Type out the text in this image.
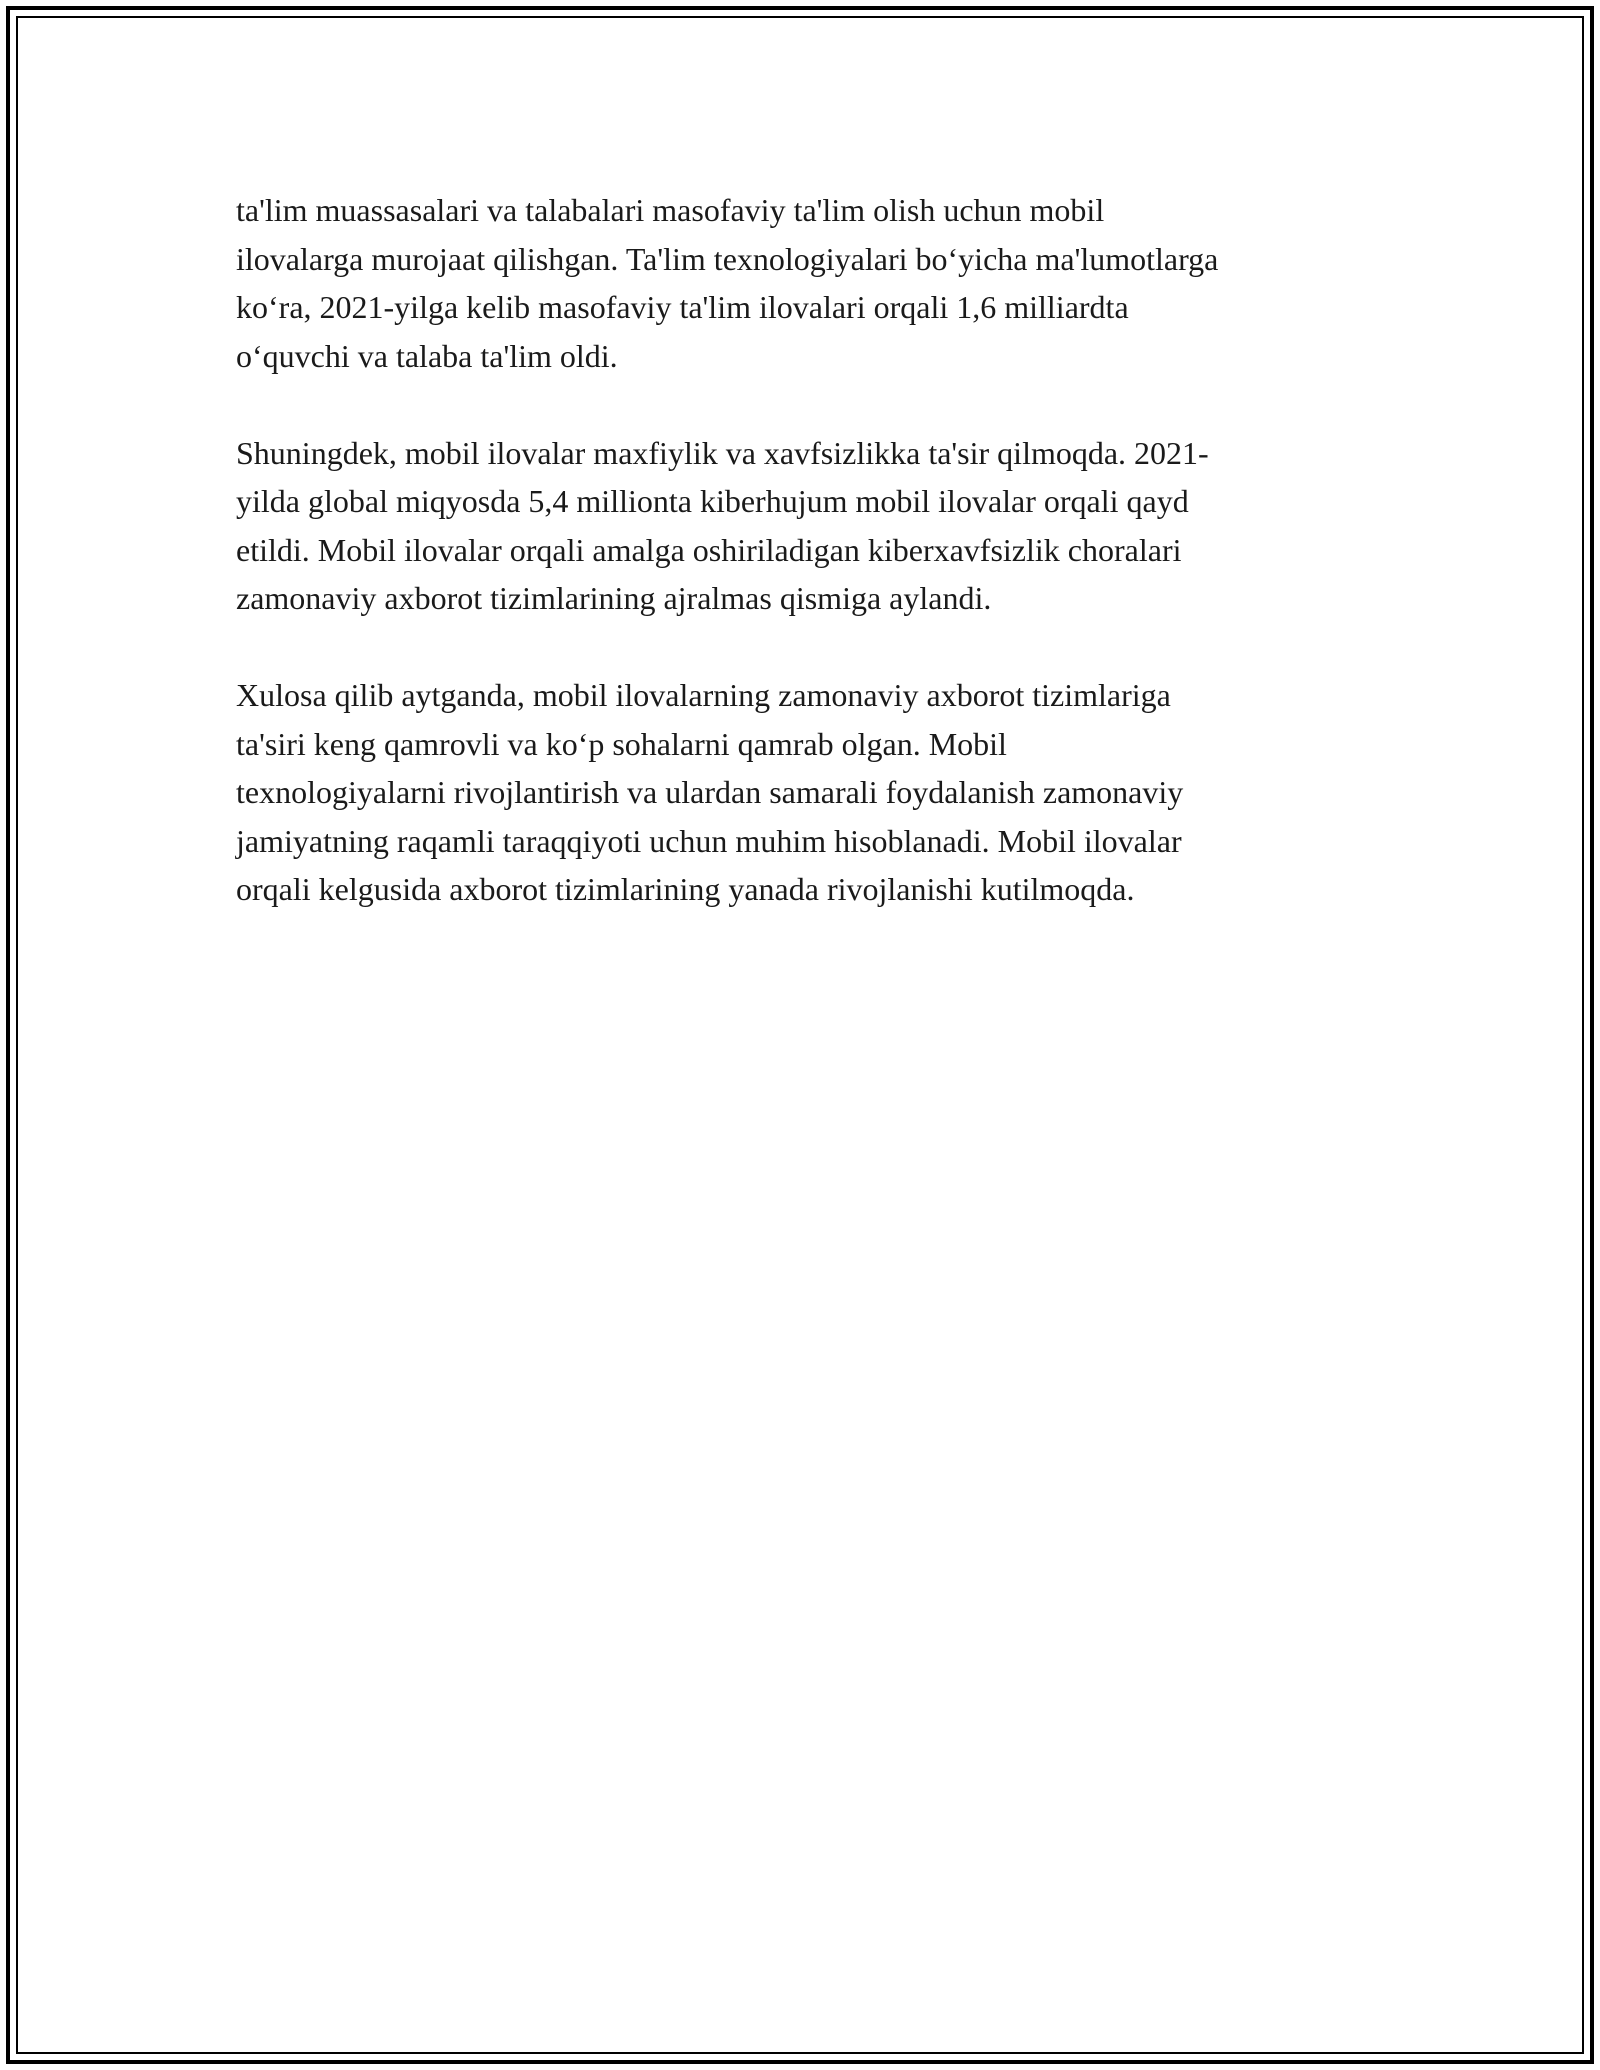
ta'lim muassasalari va talabalari masofaviy ta'lim olish uchun mobil
ilovalarga murojaat qilishgan. Ta'lim texnologiyalari bo‘yicha ma'lumotlarga
ko‘ra, 2021-yilga kelib masofaviy ta'lim ilovalari orqali 1,6 milliardta
o‘quvchi va talaba ta'lim oldi.

Shuningdek, mobil ilovalar maxfiylik va xavfsizlikka ta'sir qilmoqda. 2021-
yilda global miqyosda 5,4 millionta kiberhujum mobil ilovalar orqali qayd
etildi. Mobil ilovalar orqali amalga oshiriladigan kiberxavfsizlik choralari
zamonaviy axborot tizimlarining ajralmas qismiga aylandi.

Xulosa qilib aytganda, mobil ilovalarning zamonaviy axborot tizimlariga
ta'siri keng qamrovli va ko‘p sohalarni qamrab olgan. Mobil
texnologiyalarni rivojlantirish va ulardan samarali foydalanish zamonaviy
jamiyatning raqamli taraqqiyoti uchun muhim hisoblanadi. Mobil ilovalar
orqali kelgusida axborot tizimlarining yanada rivojlanishi kutilmoqda.
